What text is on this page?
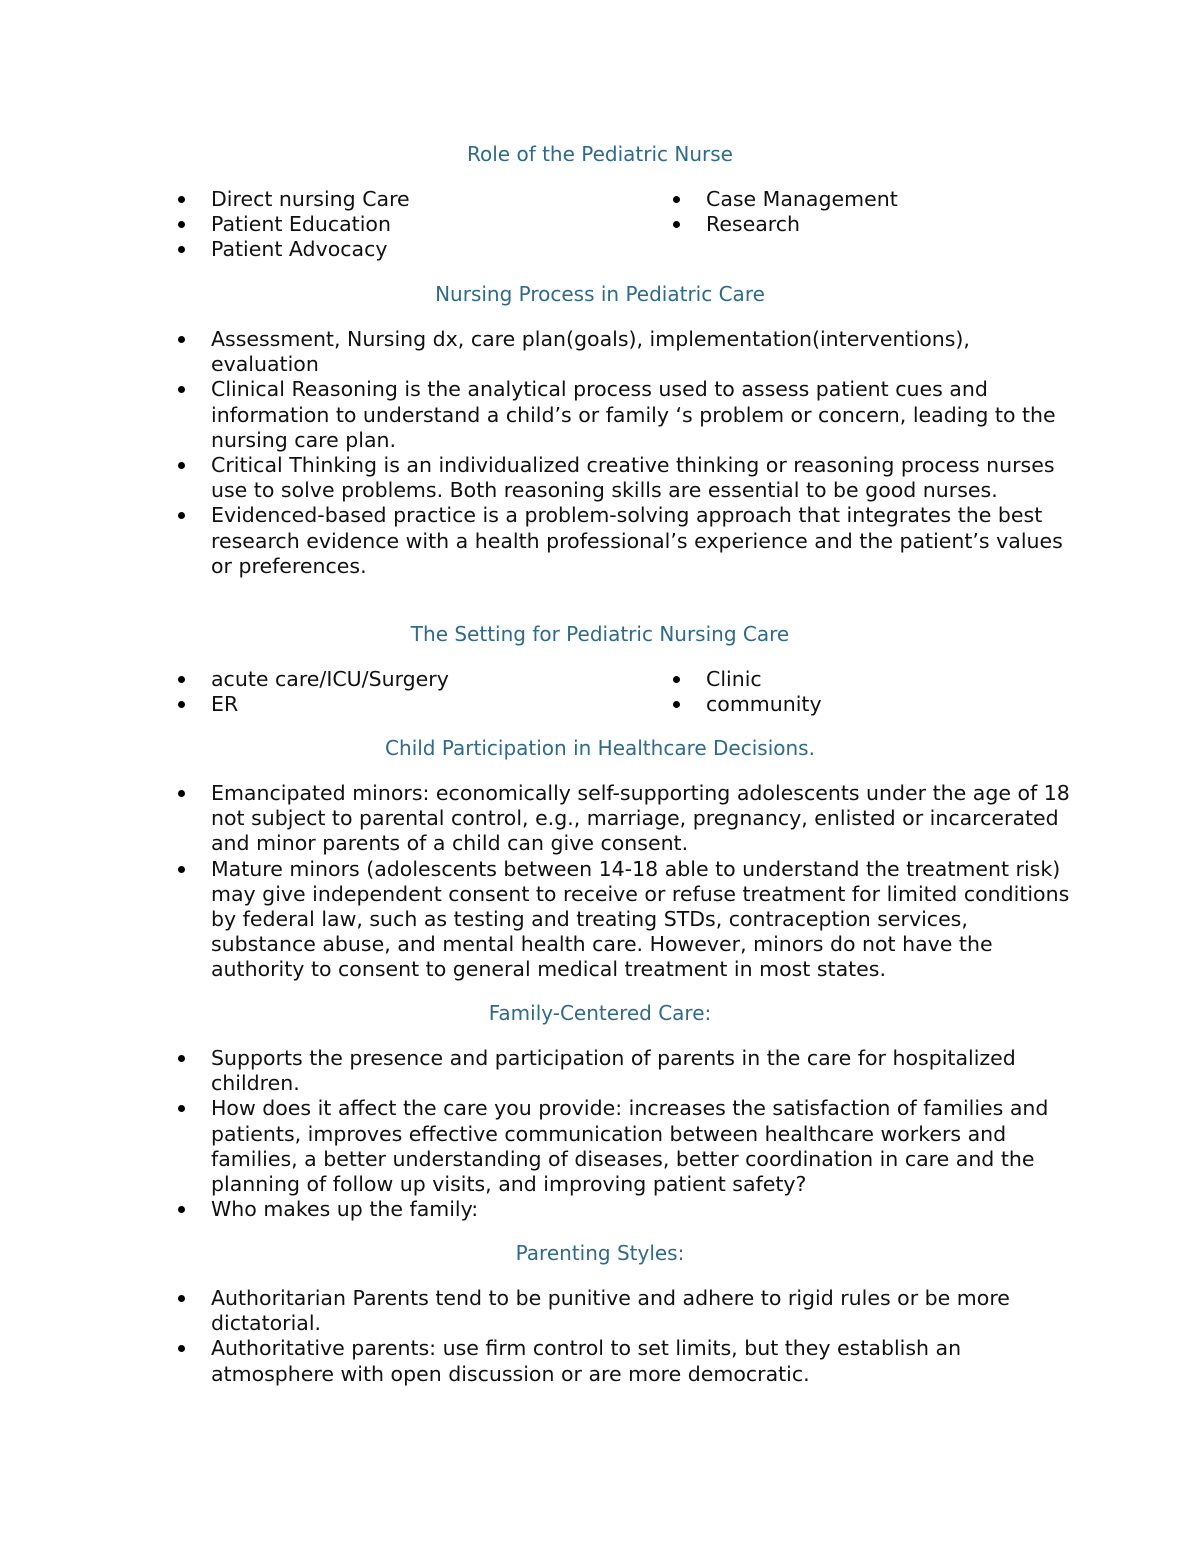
Role of the Pediatric Nurse
Direct nursing Care
Patient Education
Patient Advocacy
Case Management
Research
Nursing Process in Pediatric Care
Assessment, Nursing dx, care plan(goals), implementation(interventions), evaluation
Clinical Reasoning is the analytical process used to assess patient cues and information to understand a child’s or family ‘s problem or concern, leading to the nursing care plan.
Critical Thinking is an individualized creative thinking or reasoning process nurses use to solve problems. Both reasoning skills are essential to be good nurses.
Evidenced-based practice is a problem-solving approach that integrates the best research evidence with a health professional’s experience and the patient’s values or preferences.
The Setting for Pediatric Nursing Care
acute care/ICU/Surgery
ER
Clinic
community
Child Participation in Healthcare Decisions.
Emancipated minors: economically self-supporting adolescents under the age of 18 not subject to parental control, e.g., marriage, pregnancy, enlisted or incarcerated and minor parents of a child can give consent.
Mature minors (adolescents between 14-18 able to understand the treatment risk) may give independent consent to receive or refuse treatment for limited conditions by federal law, such as testing and treating STDs, contraception services, substance abuse, and mental health care. However, minors do not have the authority to consent to general medical treatment in most states.
Family-Centered Care:
Supports the presence and participation of parents in the care for hospitalized children.
How does it affect the care you provide: increases the satisfaction of families and patients, improves effective communication between healthcare workers and families, a better understanding of diseases, better coordination in care and the planning of follow up visits, and improving patient safety?
Who makes up the family:
Parenting Styles:
Authoritarian Parents tend to be punitive and adhere to rigid rules or be more dictatorial.
Authoritative parents: use firm control to set limits, but they establish an atmosphere with open discussion or are more democratic.
